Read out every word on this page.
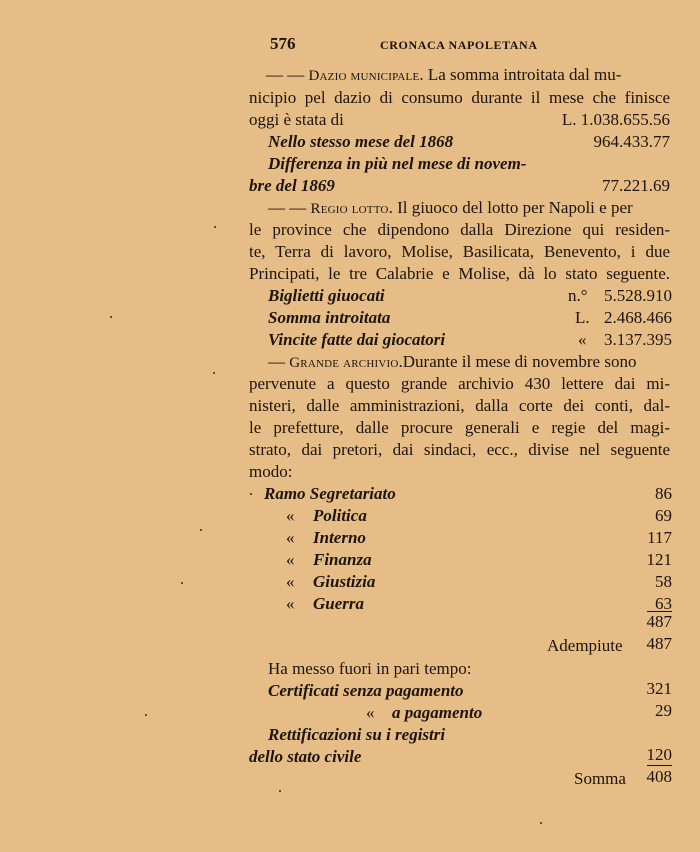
576	CRONACA NAPOLETANA
— — Dazio municipale. La somma introitata dal mu-
nicipio pel dazio di consumo durante il mese che finisce
oggi è stata di	L. 1.038.655.56
Nello stesso mese del 1868	964.433.77
Differenza in più nel mese di novem-
bre del 1869	77.221.69
— — Regio lotto. Il giuoco del lotto per Napoli e per
le province che dipendono dalla Direzione qui residen-
te, Terra di lavoro, Molise, Basilicata, Benevento, i due
Principati, le tre Calabrie e Molise, dà lo stato seguente.
Biglietti giuocati	n.° 5.528.910
Somma introitata	L. 2.468.466
Vincite fatte dai giocatori	«	3.137.395
— Grande archivio.Durante il mese di novembre sono
pervenute a questo grande archivio 430 lettere dai mi-
nisteri, dalle amministrazioni, dalla corte dei conti, dal-
le prefetture, dalle procure generali e regie del magi-
strato, dai pretori, dai sindaci, ecc., divise nel seguente
modo:
Ramo Segretariato	86
« Politica	69
« Interno	117
« Finanza	121
« Giustizia	58
« Guerra	63
487
Adempiute	487
Ha messo fuori in pari tempo:
Certificati senza pagamento	321
« a pagamento	29
Rettificazioni su i registri
dello stato civile	120
Somma	408
